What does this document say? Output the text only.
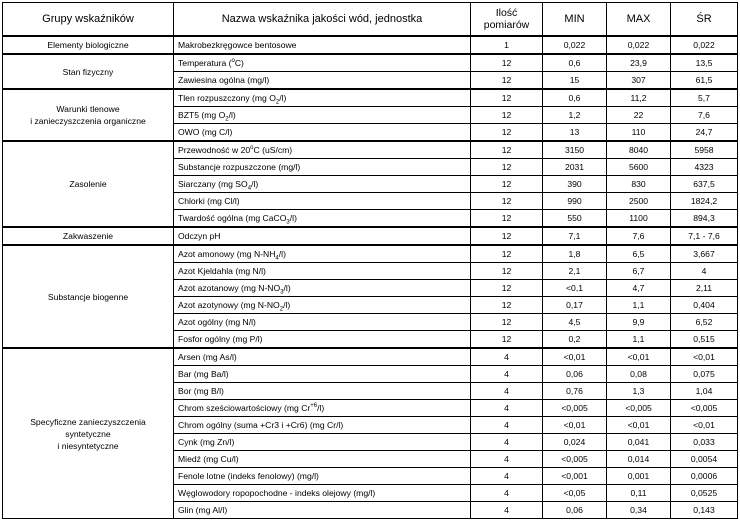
Grupy wskaźników	Nazwa wskaźnika jakości wód, jednostka	Ilość
pomiarów	MIN	MAX	ŚR
Elementy biologiczne	Makrobezkręgowce bentosowe	1	0,022	0,022	0,022
Stan fizyczny	Temperatura ($^o$C)	12	0,6	23,9	13,5
	Zawiesina ogólna (mg/l)	12	15	307	61,5
Warunki tlenowe
i zanieczyszczenia organiczne	Tlen rozpuszczony (mg $O_2/l$)	12	0,6	11,2	5,7
	BZT5 (mg $O_2/l$)	12	1,2	22	7,6
	OWO (mg C/l)	12	13	110	24,7
Zasolenie	Przewodność w 20$^o$C (uS/cm)	12	3150	8040	5958
	Substancje rozpuszczone (mg/l)	12	2031	5600	4323
	Siarczany (mg $SO_4/l$)	12	390	830	637,5
	Chlorki (mg Cl/l)	12	990	2500	1824,2
	Twardość ogólna (mg CaCO$_3$/l)	12	550	1100	894,3
Zakwaszenie	Odczyn pH	12	7,1	7,6	7,1 - 7,6
Substancje biogenne	Azot amonowy (mg $N-NH_4/l$)	12	1,8	6,5	3,667
	Azot Kjeldahla (mg N/l)	12	2,1	6,7	4
	Azot azotanowy (mg $N-NO_3/l$)	12	<0,1	4,7	2,11
	Azot azotynowy (mg $N-NO_2/l$)	12	0,17	1,1	0,404
	Azot ogólny (mg N/l)	12	4,5	9,9	6,52
	Fosfor ogólny (mg P/l)	12	0,2	1,1	0,515
Specyficzne zanieczyszczenia syntetyczne
i niesyntetyczne	Arsen (mg As/l)	4	<0,01	<0,01	<0,01
	Bar (mg Ba/l)	4	0,06	0,08	0,075
	Bor (mg B/l)	4	0,76	1,3	1,04
	Chrom sześciowartościowy (mg $Cr^{+6}/l$)	4	<0,005	<0,005	<0,005
	Chrom ogólny (suma +Cr3 i +Cr6) (mg Cr/l)	4	<0,01	<0,01	<0,01
	Cynk (mg Zn/l)	4	0,024	0,041	0,033
	Miedź (mg Cu/l)	4	<0,005	0,014	0,0054
	Fenole lotne (indeks fenolowy) (mg/l)	4	<0,001	0,001	0,0006
	Węglowodory ropopochodne - indeks olejowy (mg/l)	4	<0,05	0,11	0,0525
	Glin (mg Al/l)	4	0,06	0,34	0,143
